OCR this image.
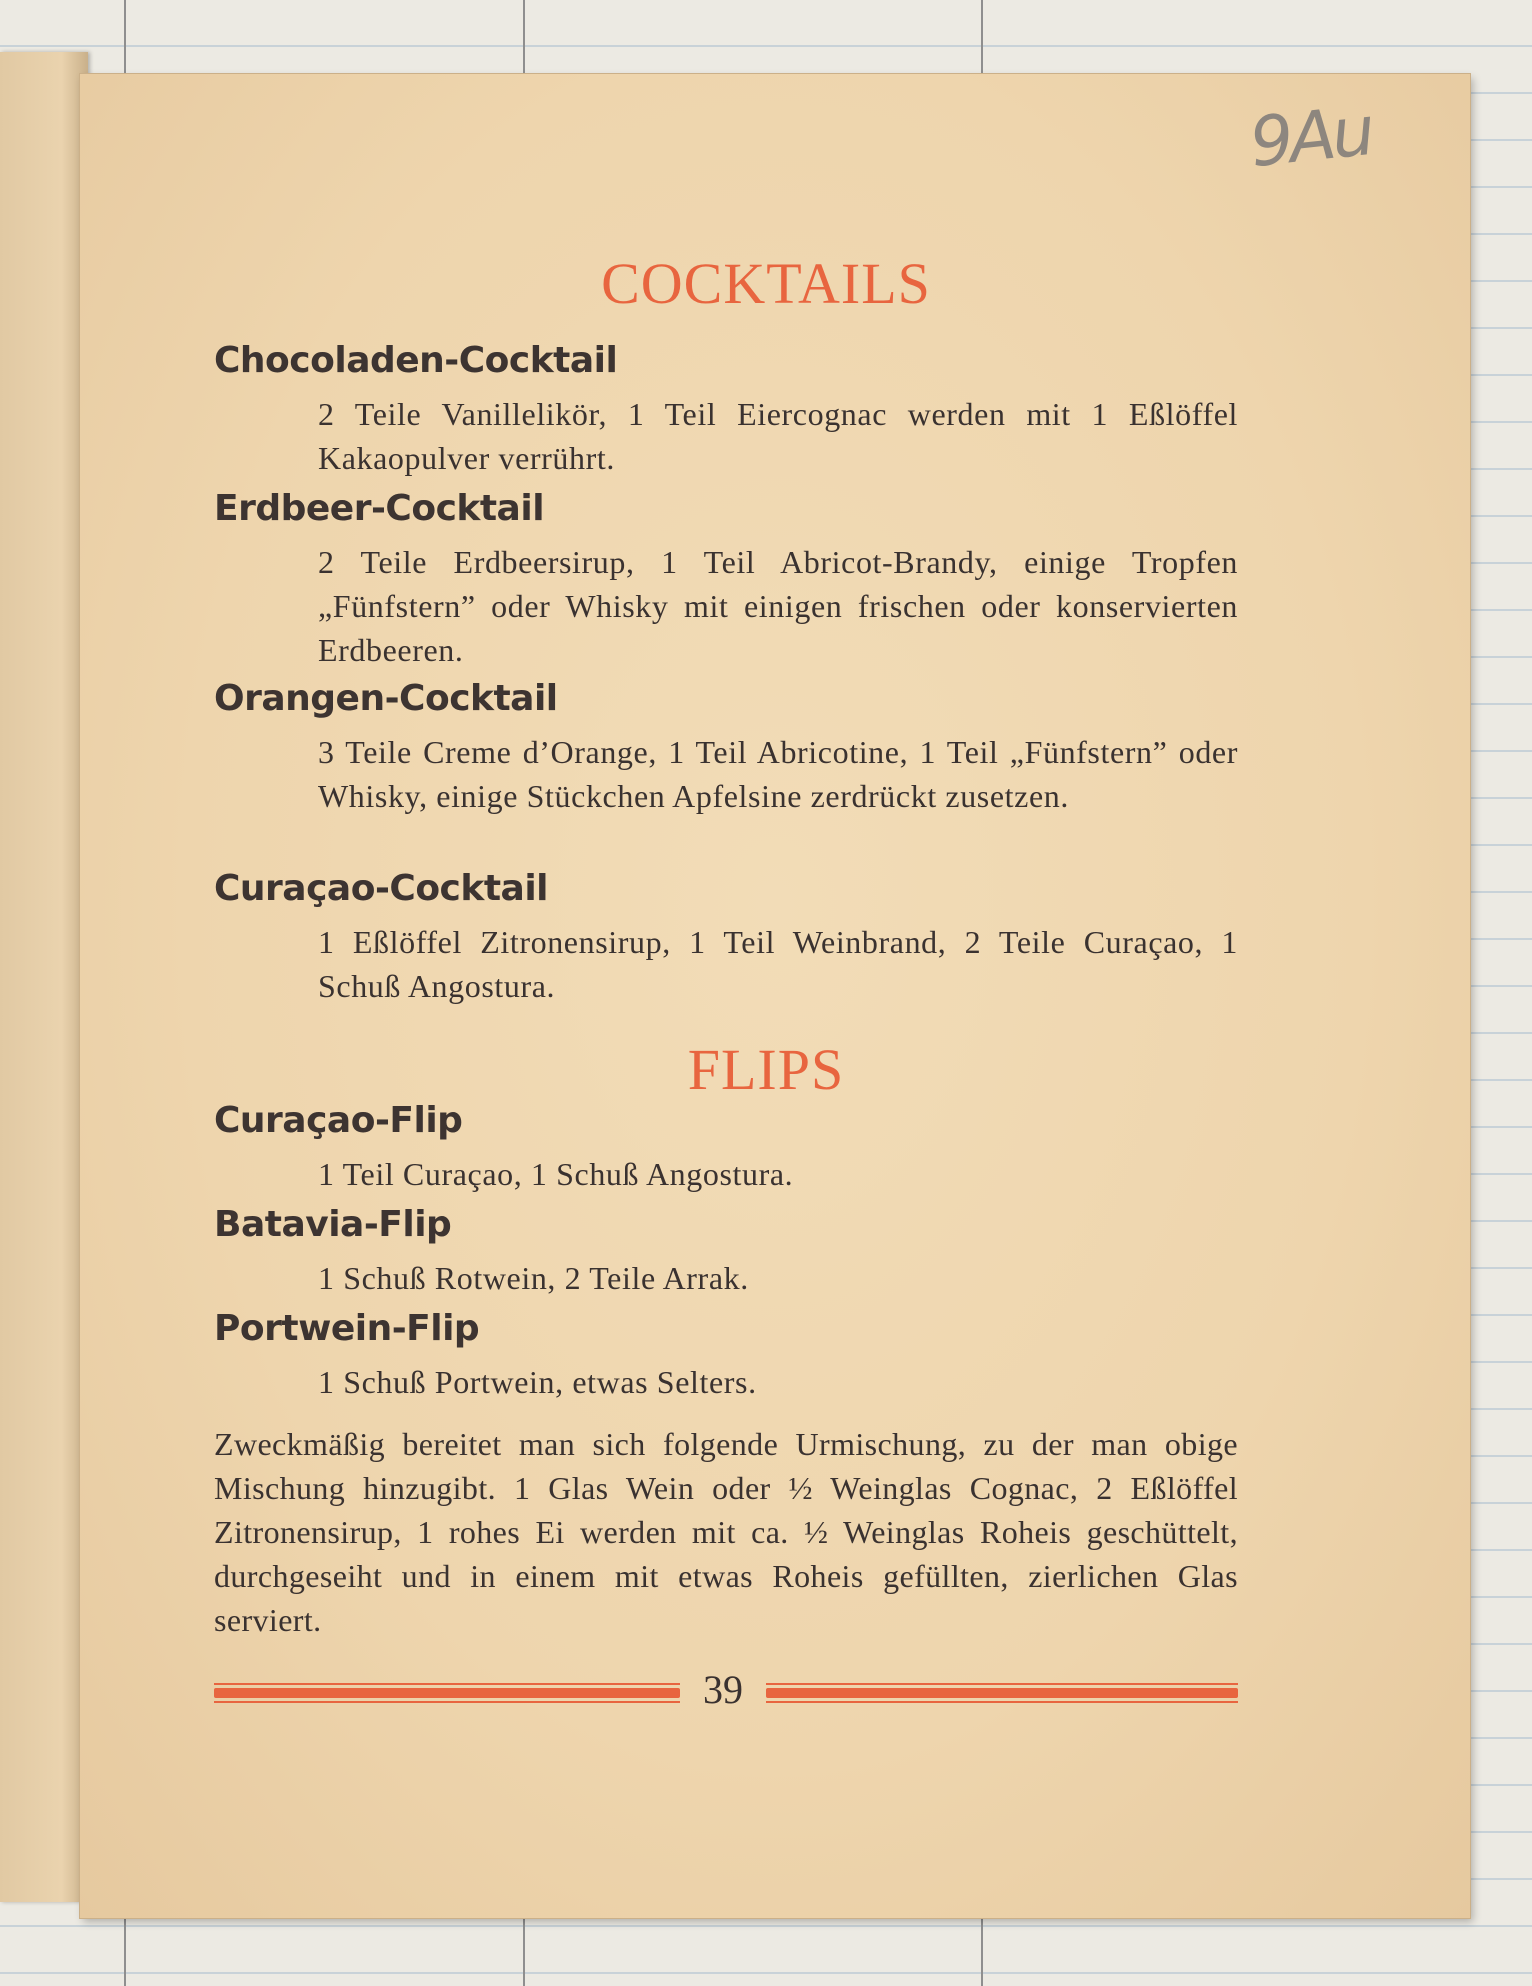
9Au
COCKTAILS
Chocoladen-Cocktail

2 Teile Vanillelikör, 1 Teil Eiercognac werden mit 1 Eßlöffel Kakaopulver verrührt.

Erdbeer-Cocktail

2 Teile Erdbeersirup, 1 Teil Abricot-Brandy, einige Tropfen „Fünfstern” oder Whisky mit einigen frischen oder konservierten Erdbeeren.

Orangen-Cocktail

3 Teile Creme d’Orange, 1 Teil Abricotine, 1 Teil „Fünfstern” oder Whisky, einige Stückchen Apfelsine zerdrückt zusetzen.

Curaçao-Cocktail

1 Eßlöffel Zitronensirup, 1 Teil Weinbrand, 2 Teile Curaçao, 1 Schuß Angostura.

FLIPS
Curaçao-Flip

1 Teil Curaçao, 1 Schuß Angostura.

Batavia-Flip

1 Schuß Rotwein, 2 Teile Arrak.

Portwein-Flip

1 Schuß Portwein, etwas Selters.

Zweckmäßig bereitet man sich folgende Urmischung, zu der man obige Mischung hinzugibt. 1 Glas Wein oder ½ Weinglas Cognac, 2 Eßlöffel Zitronensirup, 1 rohes Ei werden mit ca. ½ Weinglas Roheis geschüttelt, durchgeseiht und in einem mit etwas Roheis gefüllten, zierlichen Glas serviert.

39
